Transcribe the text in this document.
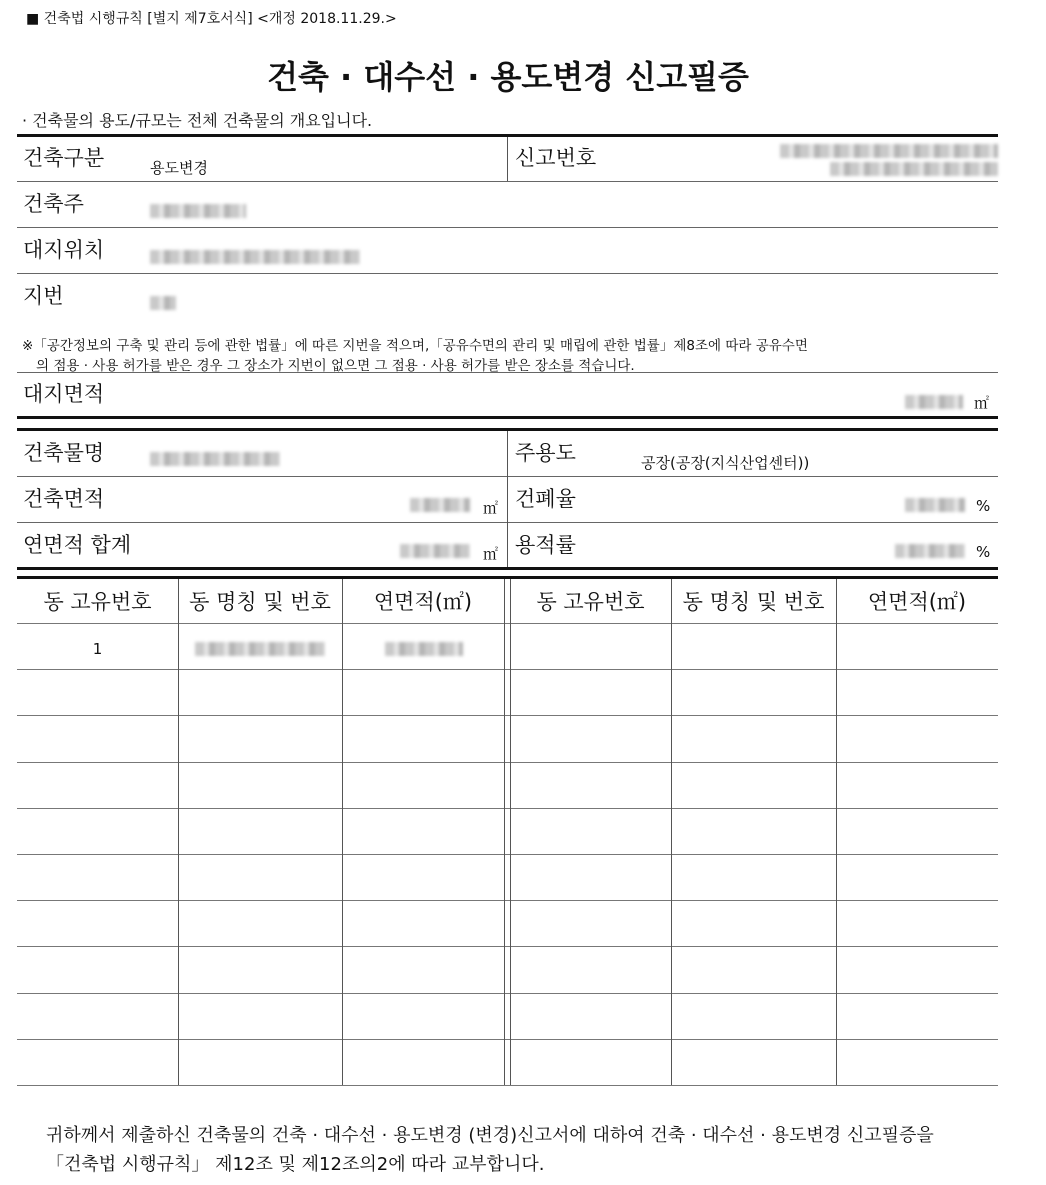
■ 건축법 시행규칙 [별지 제7호서식] <개정 2018.11.29.>
건축 · 대수선 · 용도변경 신고필증
· 건축물의 용도/규모는 전체 건축물의 개요입니다.
건축구분	용도변경	신고번호
건축주
대지위치
지번
※「공간정보의 구축 및 관리 등에 관한 법률」에 따른 지번을 적으며,「공유수면의 관리 및 매립에 관한 법률」제8조에 따라 공유수면
의 점용 · 사용 허가를 받은 경우 그 장소가 지번이 없으면 그 점용 · 사용 허가를 받은 장소를 적습니다.
대지면적	㎡
건축물명	주용도	공장(공장(지식산업센터))
건축면적	㎡ 건폐율	%
연면적 합계	㎡ 용적률	%
동 고유번호	동 명칭 및 번호	연면적(㎡)	동 고유번호	동 명칭 및 번호	연면적(㎡)
1
귀하께서 제출하신 건축물의 건축 · 대수선 · 용도변경 (변경)신고서에 대하여 건축 · 대수선 · 용도변경 신고필증을
「건축법 시행규칙」 제12조 및 제12조의2에 따라 교부합니다.
